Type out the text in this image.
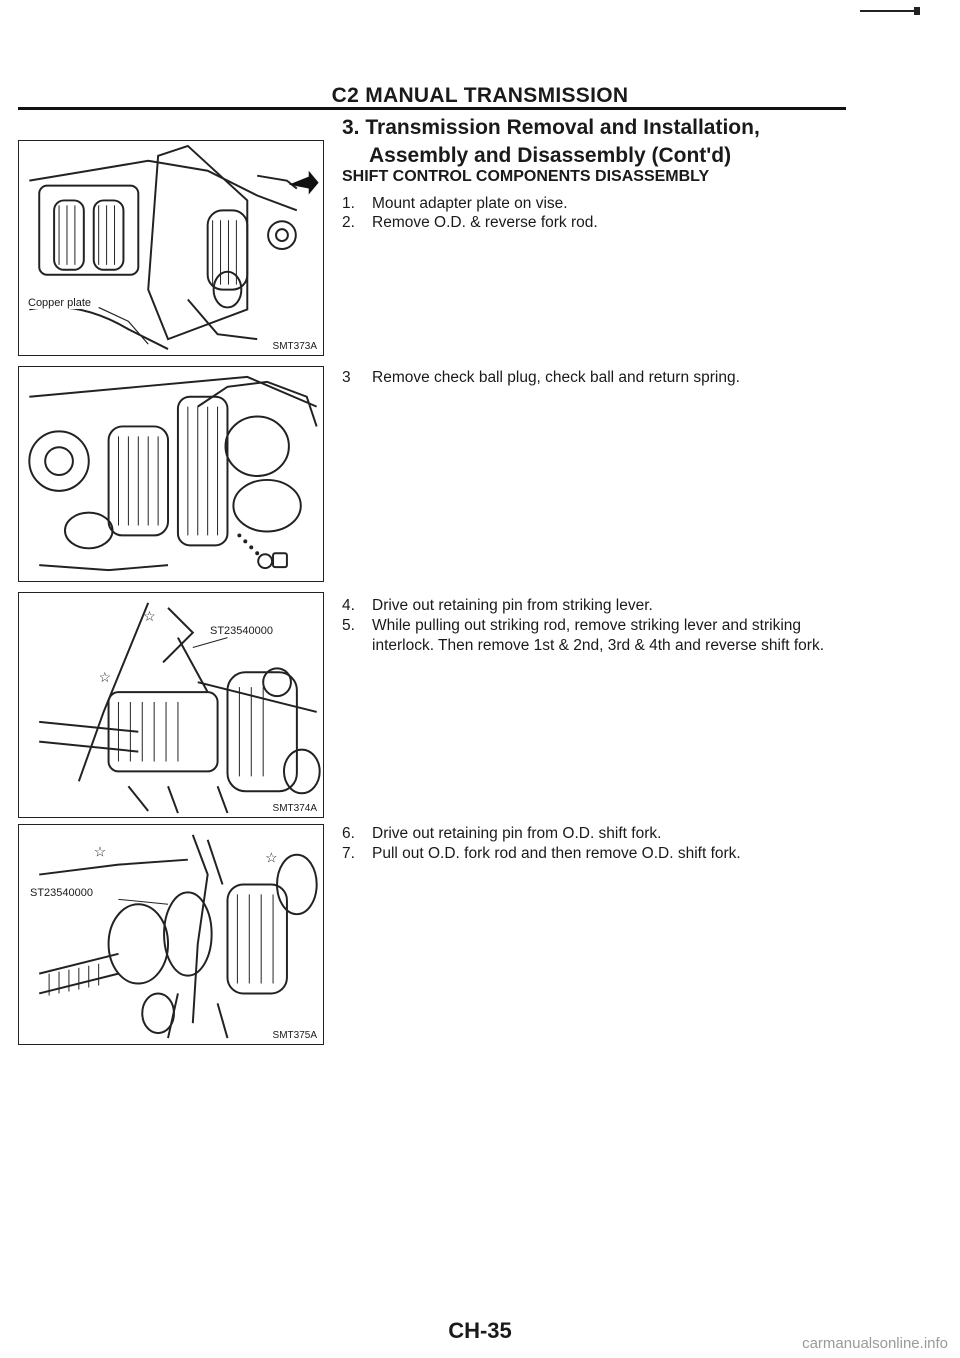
C2 MANUAL TRANSMISSION
3. Transmission Removal and Installation,
Assembly and Disassembly (Cont'd)
SHIFT CONTROL COMPONENTS DISASSEMBLY
1.	Mount adapter plate on vise.
2.	Remove O.D. & reverse fork rod.
3	Remove check ball plug, check ball and return spring.
4.	Drive out retaining pin from striking lever.
5.	While pulling out striking rod, remove striking lever and striking interlock. Then remove 1st & 2nd, 3rd & 4th and reverse shift fork.
6.	Drive out retaining pin from O.D. shift fork.
7.	Pull out O.D. fork rod and then remove O.D. shift fork.
Copper plate
SMT373A
☆
☆
ST23540000
SMT374A
☆	☆
ST23540000
SMT375A
CH-35
carmanualsonline.info
